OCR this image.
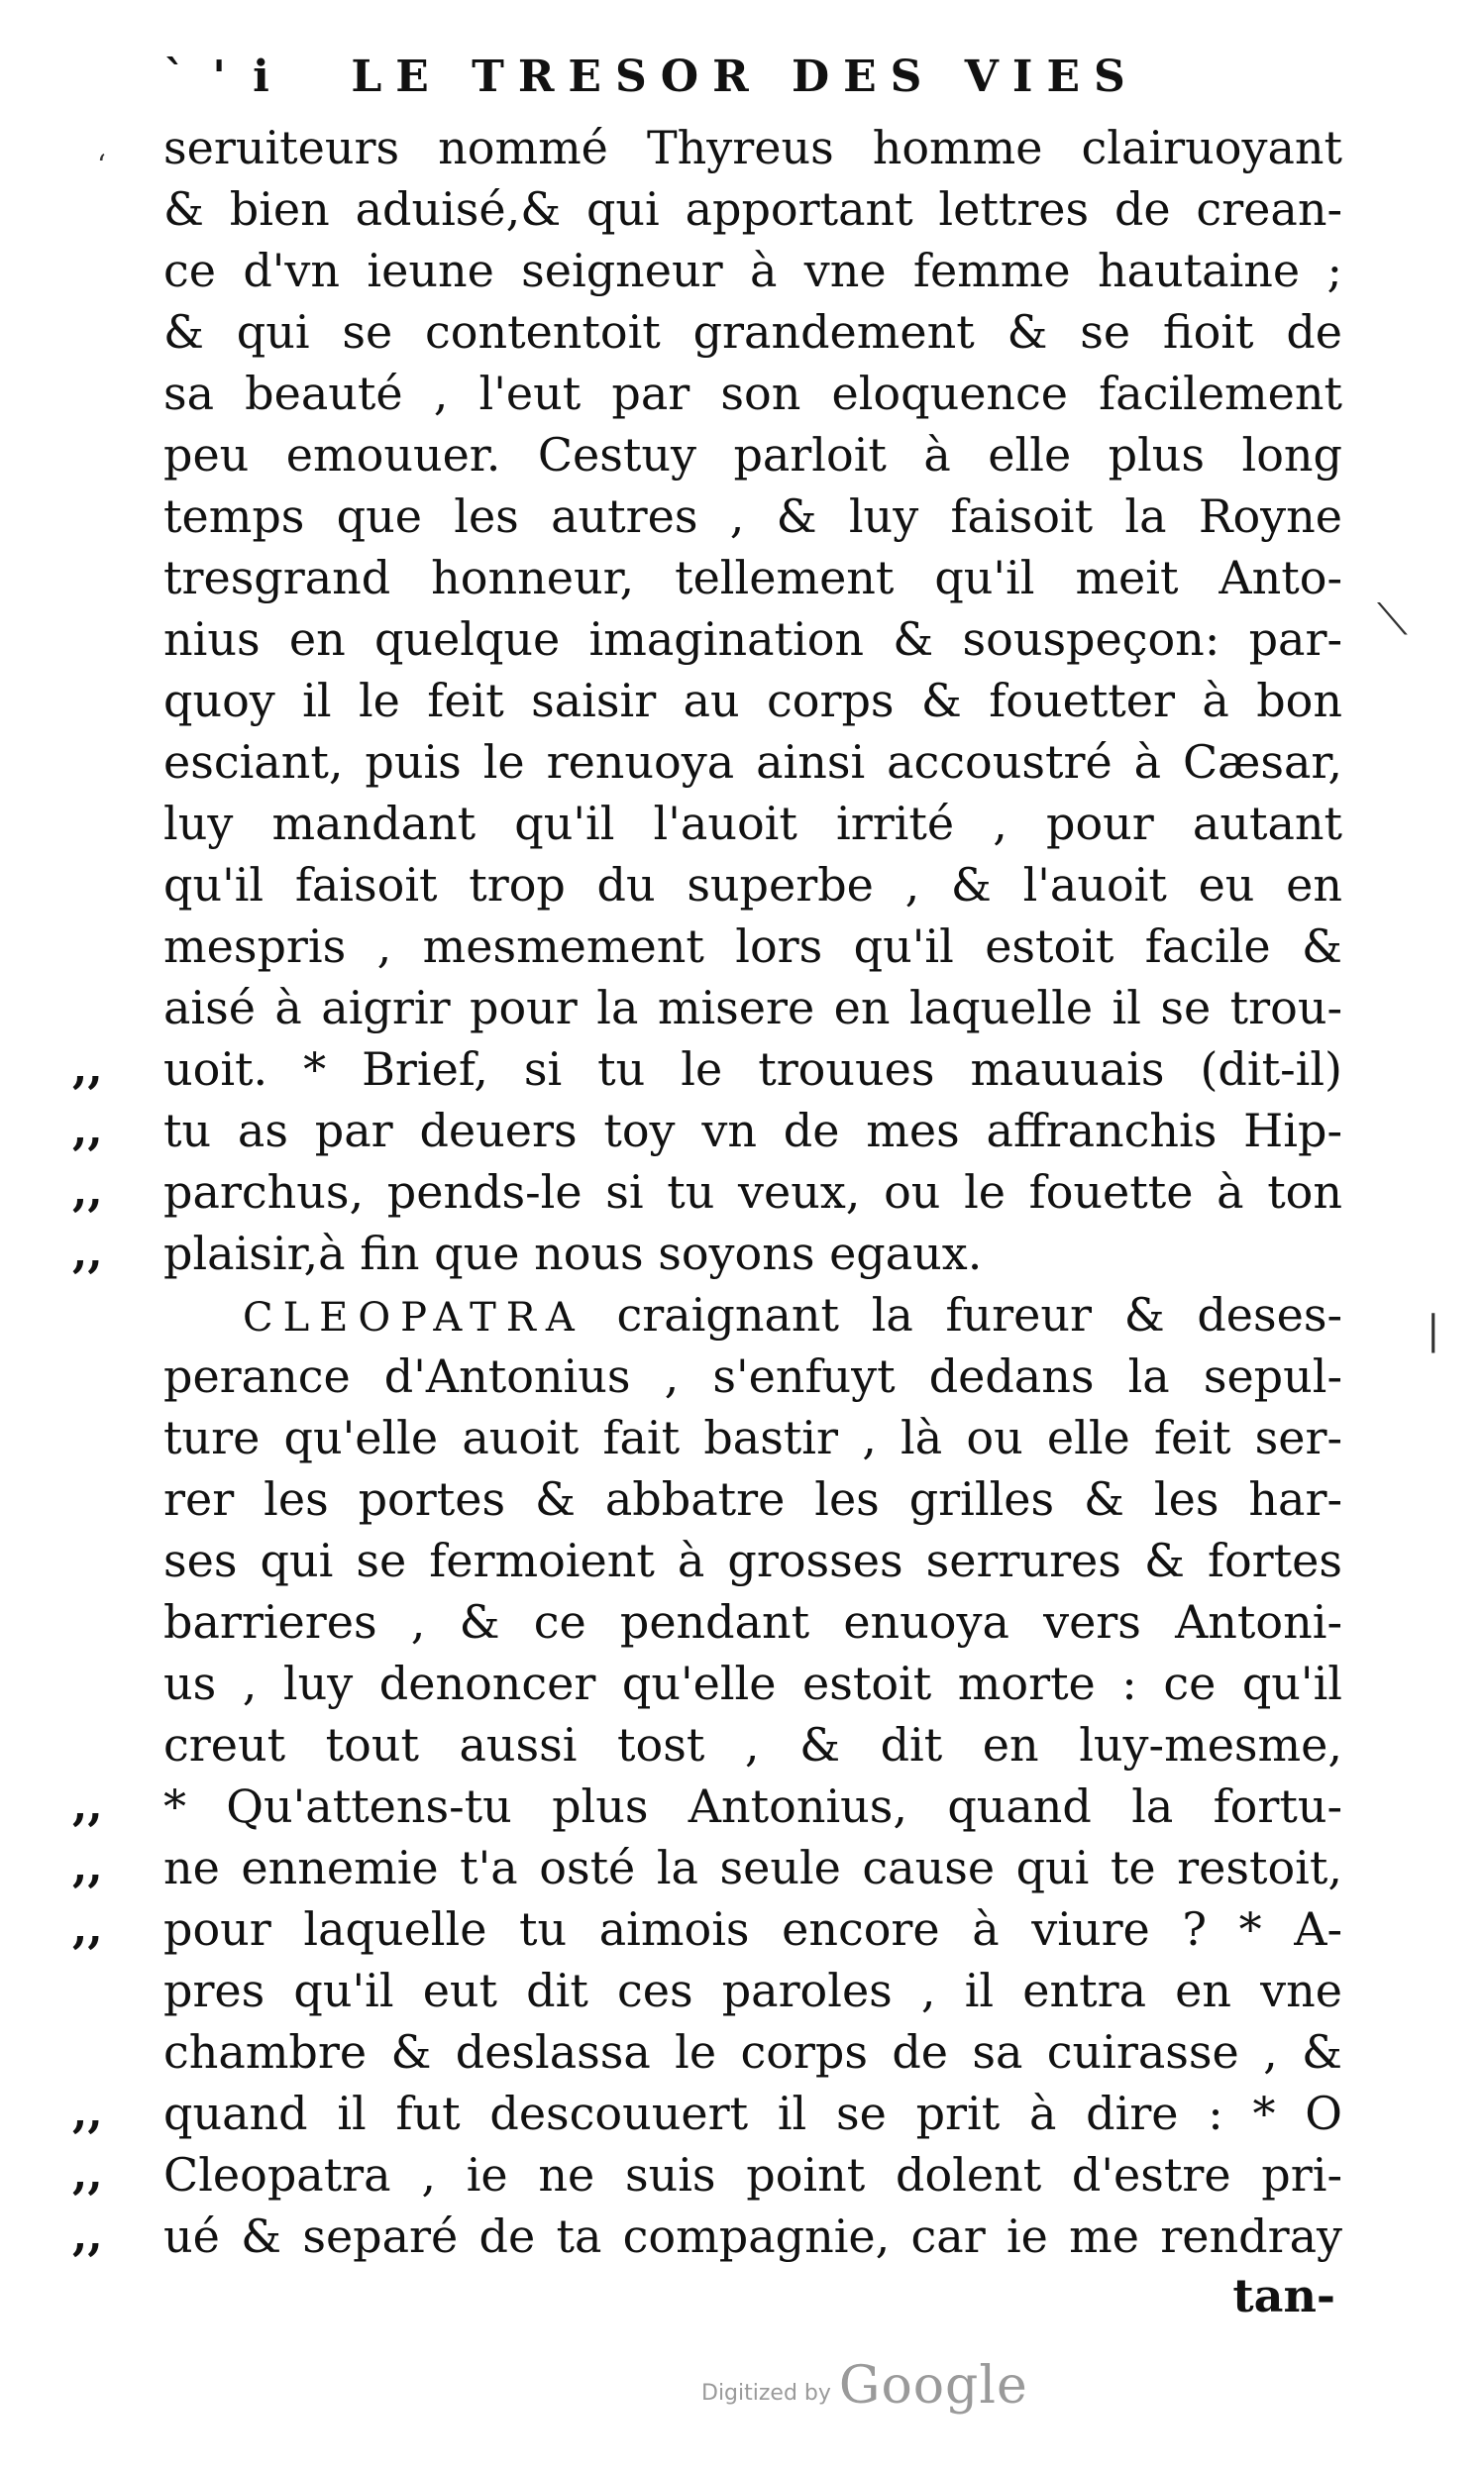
` ' i LE TRESOR DES VIES
seruiteurs nommé Thyreus homme clairuoyant
& bien aduisé,& qui apportant lettres de crean-
ce d'vn ieune seigneur à vne femme hautaine ;
& qui se contentoit grandement & se fioit de
sa beauté , l'eut par son eloquence facilement
peu emouuer. Cestuy parloit à elle plus long
temps que les autres , & luy faisoit la Royne
tresgrand honneur, tellement qu'il meit Anto-
nius en quelque imagination & souspeçon: par-
quoy il le feit saisir au corps & fouetter à bon
esciant, puis le renuoya ainsi accoustré à Cæsar,
luy mandant qu'il l'auoit irrité , pour autant
qu'il faisoit trop du superbe , & l'auoit eu en
mespris , mesmement lors qu'il estoit facile &
aisé à aigrir pour la misere en laquelle il se trou-
,,	uoit. * Brief, si tu le trouues mauuais (dit-il)
,,	tu as par deuers toy vn de mes affranchis Hip-
,,	parchus, pends-le si tu veux, ou le fouette à ton
,,	plaisir,à fin que nous soyons egaux.
CLEOPATRA craignant la fureur & deses-
perance d'Antonius , s'enfuyt dedans la sepul-
ture qu'elle auoit fait bastir , là ou elle feit ser-
rer les portes & abbatre les grilles & les har-
ses qui se fermoient à grosses serrures & fortes
barrieres , & ce pendant enuoya vers Antoni-
us , luy denoncer qu'elle estoit morte : ce qu'il
creut tout aussi tost , & dit en luy-mesme,
,,	* Qu'attens-tu plus Antonius, quand la fortu-
,,	ne ennemie t'a osté la seule cause qui te restoit,
,,	pour laquelle tu aimois encore à viure ? * A-
pres qu'il eut dit ces paroles , il entra en vne
chambre & deslassa le corps de sa cuirasse , &
,,	quand il fut descouuert il se prit à dire : * O
,,	Cleopatra , ie ne suis point dolent d'estre pri-
,,	ué & separé de ta compagnie, car ie me rendray
tan-
‘
⟍
|
Digitized by Google
